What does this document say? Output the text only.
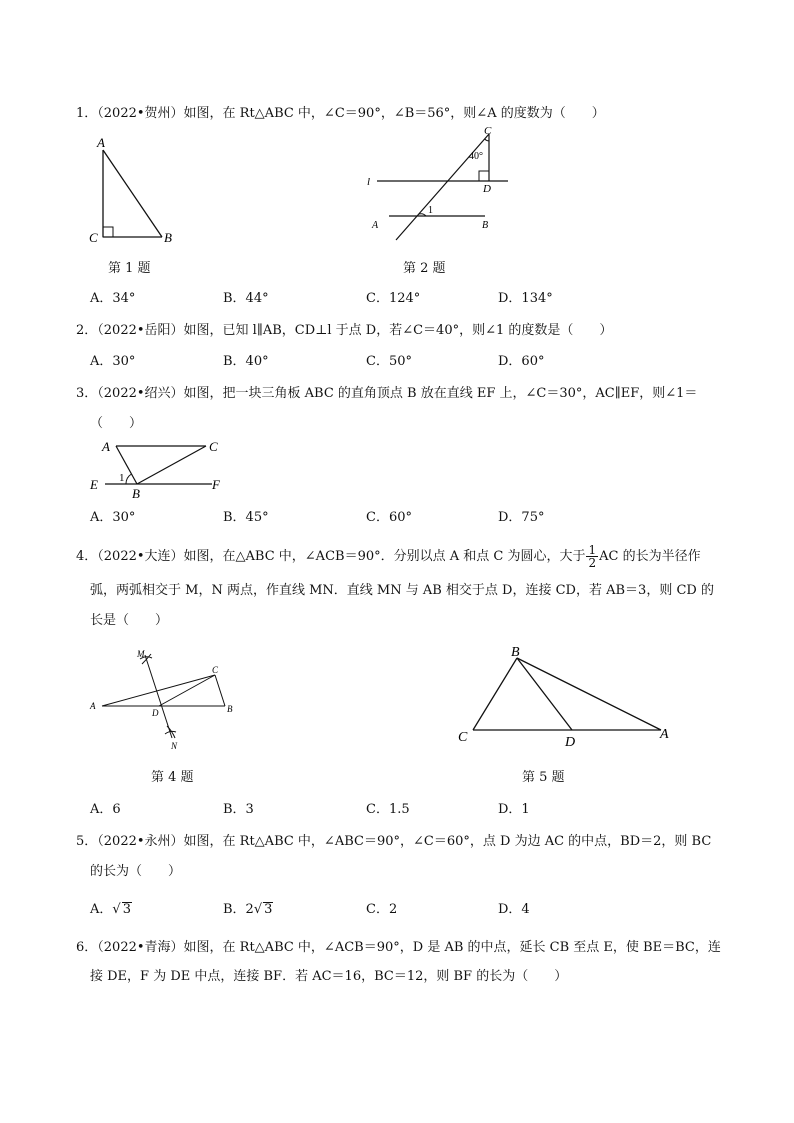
1．（2022•贺州）如图，在 Rt△ABC 中，∠C＝90°，∠B＝56°，则∠A 的度数为（　　）
A
C	B
第 1 题
C
40°
D
l
1
A	B
第 2 题
A．34°	B．44°	C．124°	D．134°
2．（2022•岳阳）如图，已知 l∥AB，CD⊥l 于点 D，若∠C＝40°，则∠1 的度数是（　　）
A．30°	B．40°	C．50°	D．60°
3．（2022•绍兴）如图，把一块三角板 ABC 的直角顶点 B 放在直线 EF 上，∠C＝30°，AC∥EF，则∠1＝
（　　）
A	C
E 1
B
F
A．30°	B．45°	C．60°	D．75°
4．（2022•大连）如图，在△ABC 中，∠ACB＝90°．分别以点 A 和点 C 为圆心，大于 $\frac{1}{2}$ AC 的长为半径作
弧，两弧相交于 M，N 两点，作直线 MN．直线 MN 与 AB 相交于点 D，连接 CD，若 AB＝3，则 CD 的
长是（　　）
M
C
A
D	B
N
第 4 题
B
C	D
A
第 5 题
A．6	B．3	C．1.5	D．1
5．（2022•永州）如图，在 Rt△ABC 中，∠ABC＝90°，∠C＝60°，点 D 为边 AC 的中点，BD＝2，则 BC
的长为（　　）
A．√ 3	B．2√ 3	C．2	D．4
6．（2022•青海）如图，在 Rt△ABC 中，∠ACB＝90°，D 是 AB 的中点，延长 CB 至点 E，使 BE＝BC，连
接 DE，F 为 DE 中点，连接 BF．若 AC＝16，BC＝12，则 BF 的长为（　　）
